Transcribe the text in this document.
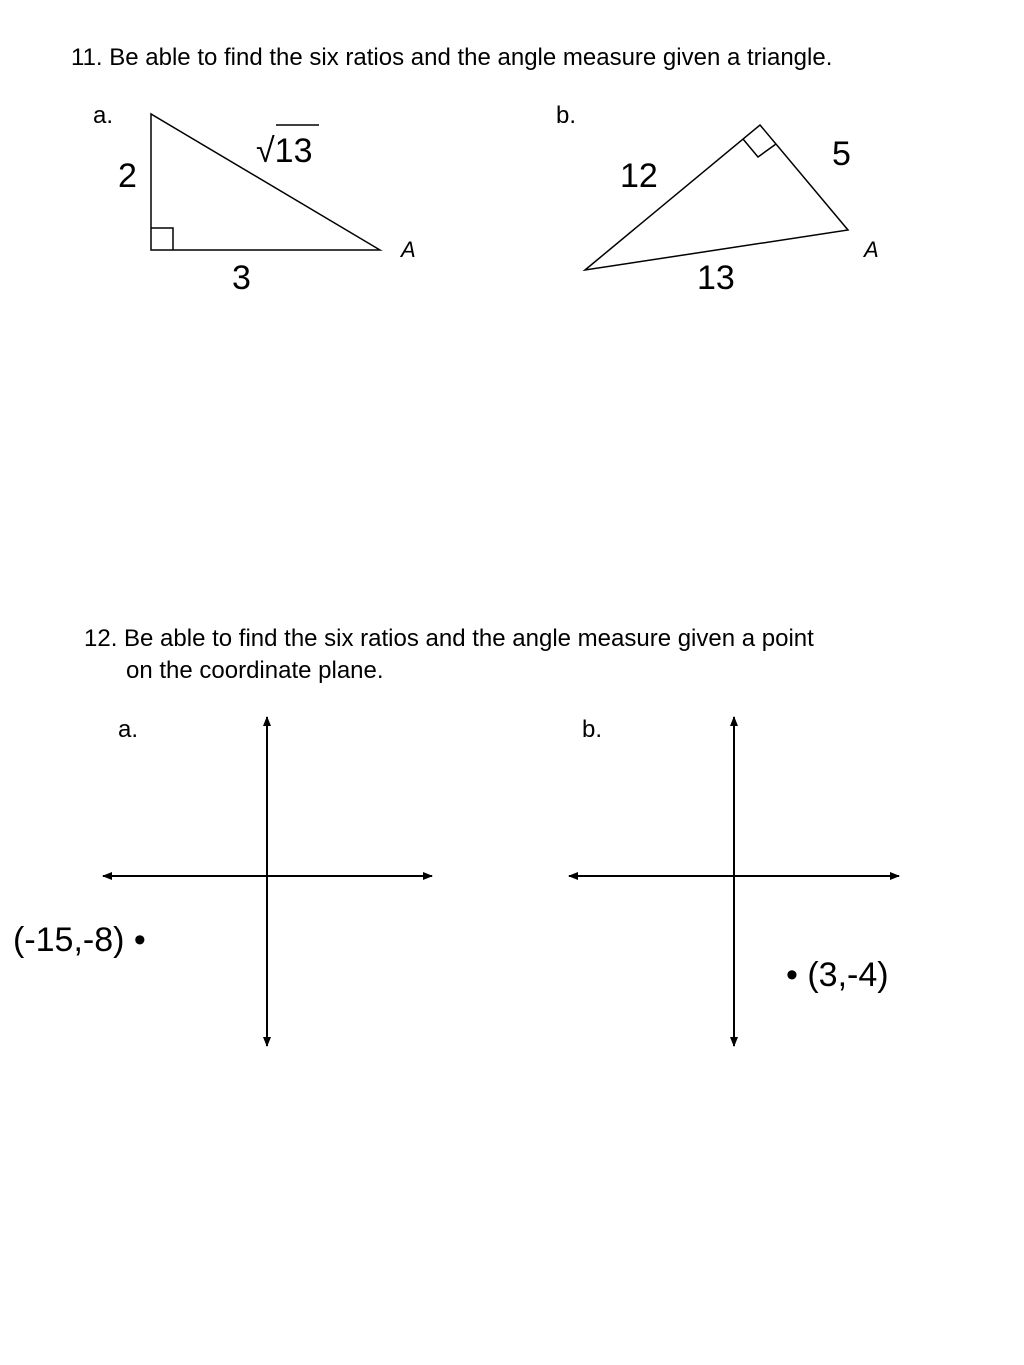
11. Be able to find the six ratios and the angle measure given a triangle.
a.	b.
2
3
√13
A
12
5
13
A
12. Be able to find the six ratios and the angle measure given a point
on the coordinate plane.
a.	b.
(-15,-8) •
• (3,-4)
